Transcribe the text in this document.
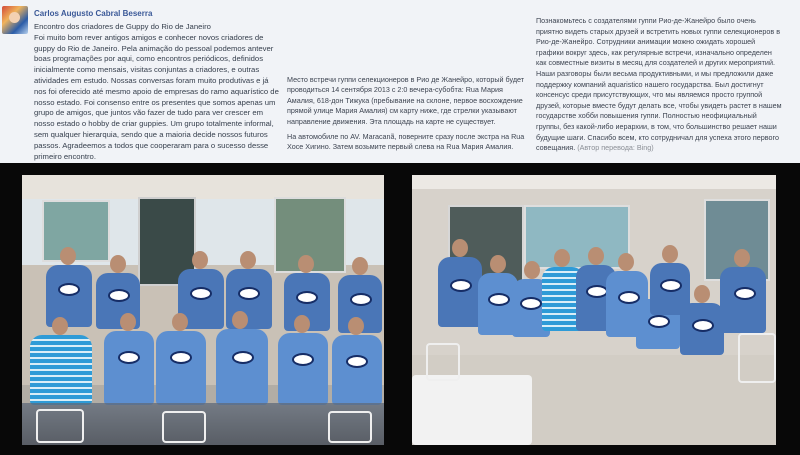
Carlos Augusto Cabral Beserra

Encontro dos criadores de Guppy do Rio de Janeiro
Foi muito bom rever antigos amigos e conhecer novos criadores de guppy do Rio de Janeiro. Pela animação do pessoal podemos antever boas programações por aqui, como encontros periódicos, definidos inicialmente como mensais, visitas conjuntas a criadores, e outras atividades em estudo. Nossas conversas foram muito produtivas e já nos foi oferecido até mesmo apoio de empresas do ramo aquarístico de nosso estado. Foi consenso entre os presentes que somos apenas um grupo de amigos, que juntos vão fazer de tudo para ver crescer em nosso estado o hobby de criar guppies. Um grupo totalmente informal, sem qualquer hierarquia, sendo que a maioria decide nossos futuros passos. Agradeemos a todos que cooperaram para o sucesso desse primeiro encontro.

Место встречи гуппи селекционеров в Рио де Жанейро, который будет проводиться 14 сентября 2013 с 2:0 вечера-субобта: Rua Мария Амалия, 618-дон Тижука (пребывание на склоне, первое восхождение прямой улице Мария Амалия) см карту ниже, где стрелки указывают направление движения. Эта площадь на карте не существует.

На автомобиле по AV. Maracanã, поверните сразу после экстра на Rua Хосе Хигино. Затем возьмите первый слева на Rua Мария Амалия.

Познакомьтесь с создателями гуппи Рио-де-Жанейро было очень приятно видеть старых друзей и встретить новых гуппи селекционеров в Рио-де-Жанейро. Сотрудники анимации можно ожидать хорошей графики вокруг здесь, как регулярные встречи, изначально определен как совместные визиты в месяц для создателей и других мероприятий. Наши разговоры были весьма продуктивными, и мы предложили даже поддержку компаний aquaristico нашего государства. Был достигнут консенсус среди присутствующих, что мы являемся просто группой друзей, которые вместе будут делать все, чтобы увидеть растет в нашем государстве хобби повышения гуппи. Полностью неофициальный группы, без какой-либо иерархии, в том, что большинство решает наши будущие шаги. Спасибо всем, кто сотрудничал для успеха этого первого совещания. (Автор перевода: Bing)
